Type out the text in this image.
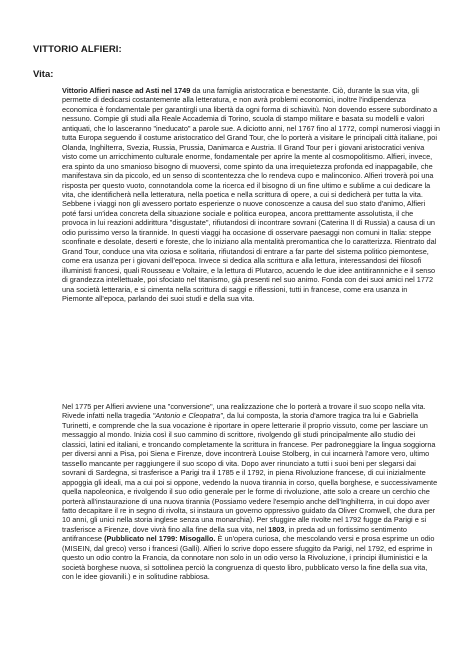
VITTORIO ALFIERI:
Vita:

Vittorio Alfieri nasce ad Asti nel 1749 da una famiglia aristocratica e benestante. Ciò, durante la sua vita, gli permette di dedicarsi costantemente alla letteratura, e non avrà problemi economici, inoltre l'indipendenza economica è fondamentale per garantirgli una libertà da ogni forma di schiavitù. Non dovendo essere subordinato a nessuno. Compie gli studi alla Reale Accademia di Torino, scuola di stampo militare e basata su modelli e valori antiquati, che lo lasceranno "ineducato" a parole sue. A diciotto anni, nel 1767 fino al 1772, compì numerosi viaggi in tutta Europa seguendo il costume aristocratico del Grand Tour, che lo porterà a visitare le principali città italiane, poi Olanda, Inghilterra, Svezia, Russia, Prussia, Danimarca e Austria. Il Grand Tour per i giovani aristocratici veniva visto come un arricchimento culturale enorme, fondamentale per aprire la mente al cosmopolitismo. Alfieri, invece, era spinto da uno smanioso bisogno di muoversi, come spinto da una irrequietezza profonda ed inappagabile, che manifestava sin da piccolo, ed un senso di scontentezza che lo rendeva cupo e malinconico. Alfieri troverà poi una risposta per questo vuoto, connotandola come la ricerca ed il bisogno di un fine ultimo e sublime a cui dedicare la vita, che identificherà nella letteratura, nella poetica e nella scrittura di opere, a cui si dedicherà per tutta la vita. Sebbene i viaggi non gli avessero portato esperienze o nuove conoscenze a causa del suo stato d'animo, Alfieri poté farsi un'idea concreta della situazione sociale e politica europea, ancora pretttamente assolutista, il che provoca in lui reazioni addirittura "disgustate", rifiutandosi di incontrare sovrani (Caterina II di Russia) a causa di un odio purissimo verso la tirannide. In questi viaggi ha occasione di osservare paesaggi non comuni in Italia: steppe sconfinate e desolate, deserti e foreste, che lo iniziano alla mentalità preromantica che lo caratterizza. Rientrato dal Grand Tour, conduce una vita oziosa e solitaria, rifiutandosi di entrare a far parte del sistema politico piemontese, come era usanza per i giovani dell'epoca. Invece si dedica alla scrittura e alla lettura, interessandosi dei filosofi illuministi francesi, quali Rousseau e Voltaire, e la lettura di Plutarco, acuendo le due idee antitirannniche e il senso di grandezza intellettuale, poi sfociato nel titanismo, già presenti nel suo animo. Fonda con dei suoi amici nel 1772 una società letteraria, e si cimenta nella scrittura di saggi e riflessioni, tutti in francese, come era usanza in Piemonte all'epoca, parlando dei suoi studi e della sua vita.

Nel 1775 per Alfieri avviene una "conversione", una realizzazione che lo porterà a trovare il suo scopo nella vita. Rivede infatti nella tragedia "Antonio e Cleopatra", da lui composta, la storia d'amore tragica tra lui e Gabriella Turinetti, e comprende che la sua vocazione è riportare in opere letterarie il proprio vissuto, come per lasciare un messaggio al mondo. Inizia così il suo cammino di scrittore, rivolgendo gli studi principalmente allo studio dei classici, latini ed italiani, e troncando completamente la scrittura in francese. Per padroneggiare la lingua soggiorna per diversi anni a Pisa, poi Siena e Firenze, dove incontrerà Louise Stolberg, in cui incarnerà l'amore vero, ultimo tassello mancante per raggiungere il suo scopo di vita. Dopo aver rinunciato a tutti i suoi beni per slegarsi dai sovrani di Sardegna, si trasferisce a Parigi tra il 1785 e il 1792, in piena Rivoluzione francese, di cui inizialmente appoggia gli ideali, ma a cui poi si oppone, vedendo la nuova tirannia in corso, quella borghese, e successivamente quella napoleonica, e rivolgendo il suo odio generale per le forme di rivoluzione, atte solo a creare un cerchio che porterà all'instaurazione di una nuova tirannia (Possiamo vedere l'esempio anche dell'Inghilterra, in cui dopo aver fatto decapitare il re in segno di rivolta, si instaura un governo oppressivo guidato da Oliver Cromwell, che dura per 10 anni, gli unici nella storia inglese senza una monarchia). Per sfuggire alle rivolte nel 1792 fugge da Parigi e si trasferisce a Firenze, dove vivrà fino alla fine della sua vita, nel 1803, in preda ad un fortissimo sentimento antifrancese (Pubblicato nel 1799: Misogallo. È un'opera curiosa, che mescolando versi e prosa esprime un odio (MISEIN, dal greco) verso i francesi (Galli). Alfieri lo scrive dopo essere sfuggito da Parigi, nel 1792, ed esprime in questo un odio contro la Francia, da connotare non solo in un odio verso la Rivoluzione, i principi illuministici e la società borghese nuova, sì sottolinea perciò la congruenza di questo libro, pubblicato verso la fine della sua vita, con le idee giovanili.) e in solitudine rabbiosa.
